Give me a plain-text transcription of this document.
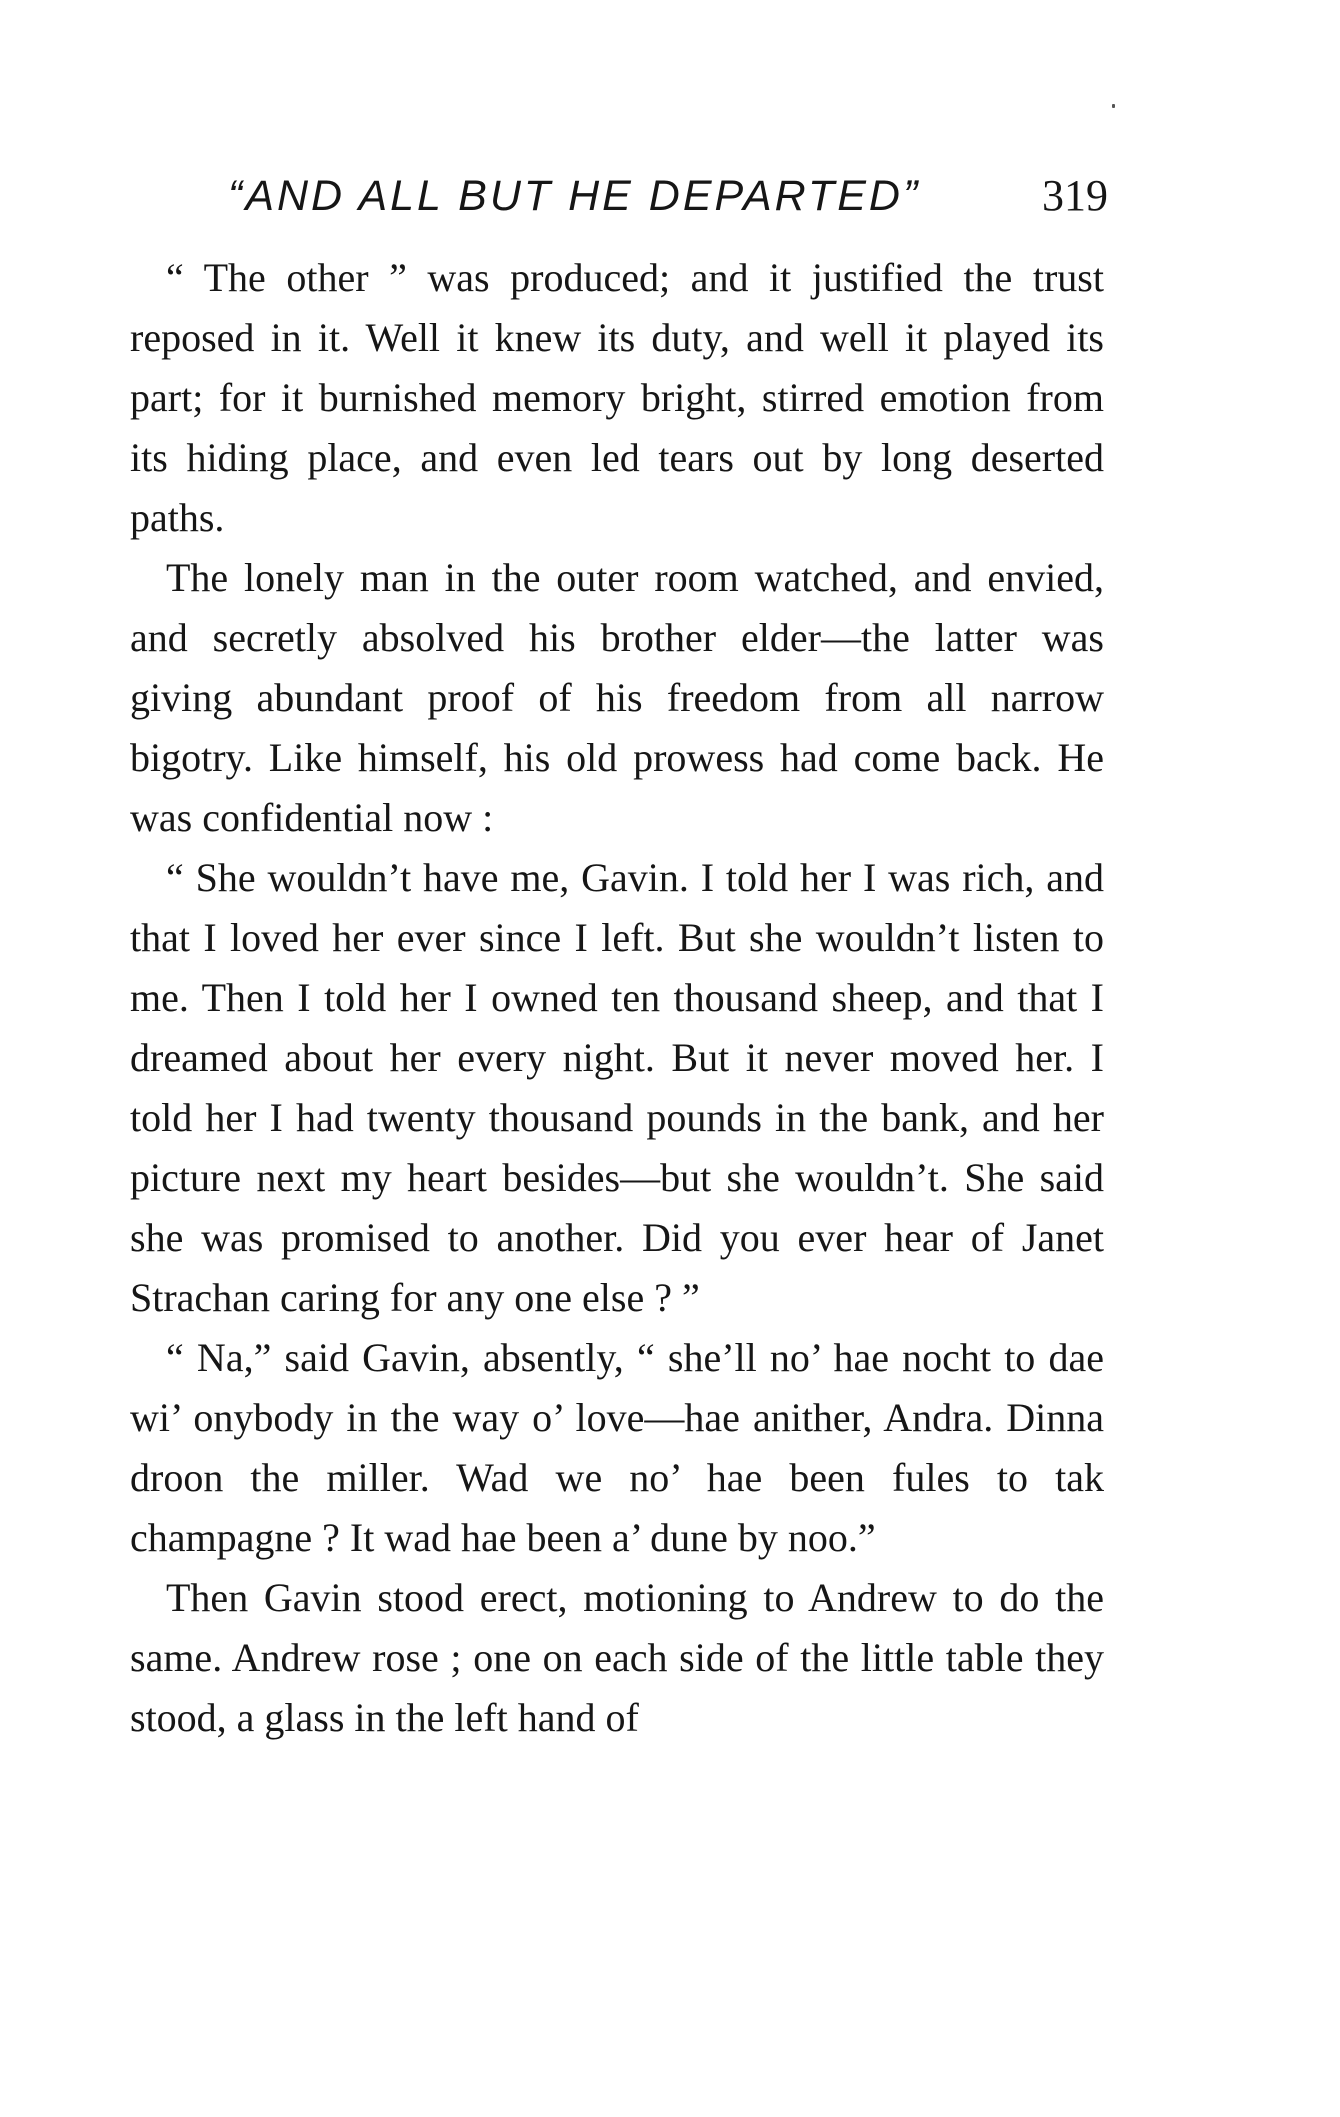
“AND ALL BUT HE DEPARTED”	319

“ The other ” was produced; and it justified the trust reposed in it. Well it knew its duty, and well it played its part; for it burnished memory bright, stirred emotion from its hiding place, and even led tears out by long deserted paths.

The lonely man in the outer room watched, and envied, and secretly absolved his brother elder—the latter was giving abundant proof of his freedom from all narrow bigotry. Like himself, his old prowess had come back. He was confidential now :

“ She wouldn’t have me, Gavin. I told her I was rich, and that I loved her ever since I left. But she wouldn’t listen to me. Then I told her I owned ten thousand sheep, and that I dreamed about her every night. But it never moved her. I told her I had twenty thousand pounds in the bank, and her picture next my heart besides—but she wouldn’t. She said she was promised to another. Did you ever hear of Janet Strachan caring for any one else ? ”

“ Na,” said Gavin, absently, “ she’ll no’ hae nocht to dae wi’ onybody in the way o’ love—hae anither, Andra. Dinna droon the miller. Wad we no’ hae been fules to tak champagne ? It wad hae been a’ dune by noo.”

Then Gavin stood erect, motioning to Andrew to do the same. Andrew rose ; one on each side of the little table they stood, a glass in the left hand of
